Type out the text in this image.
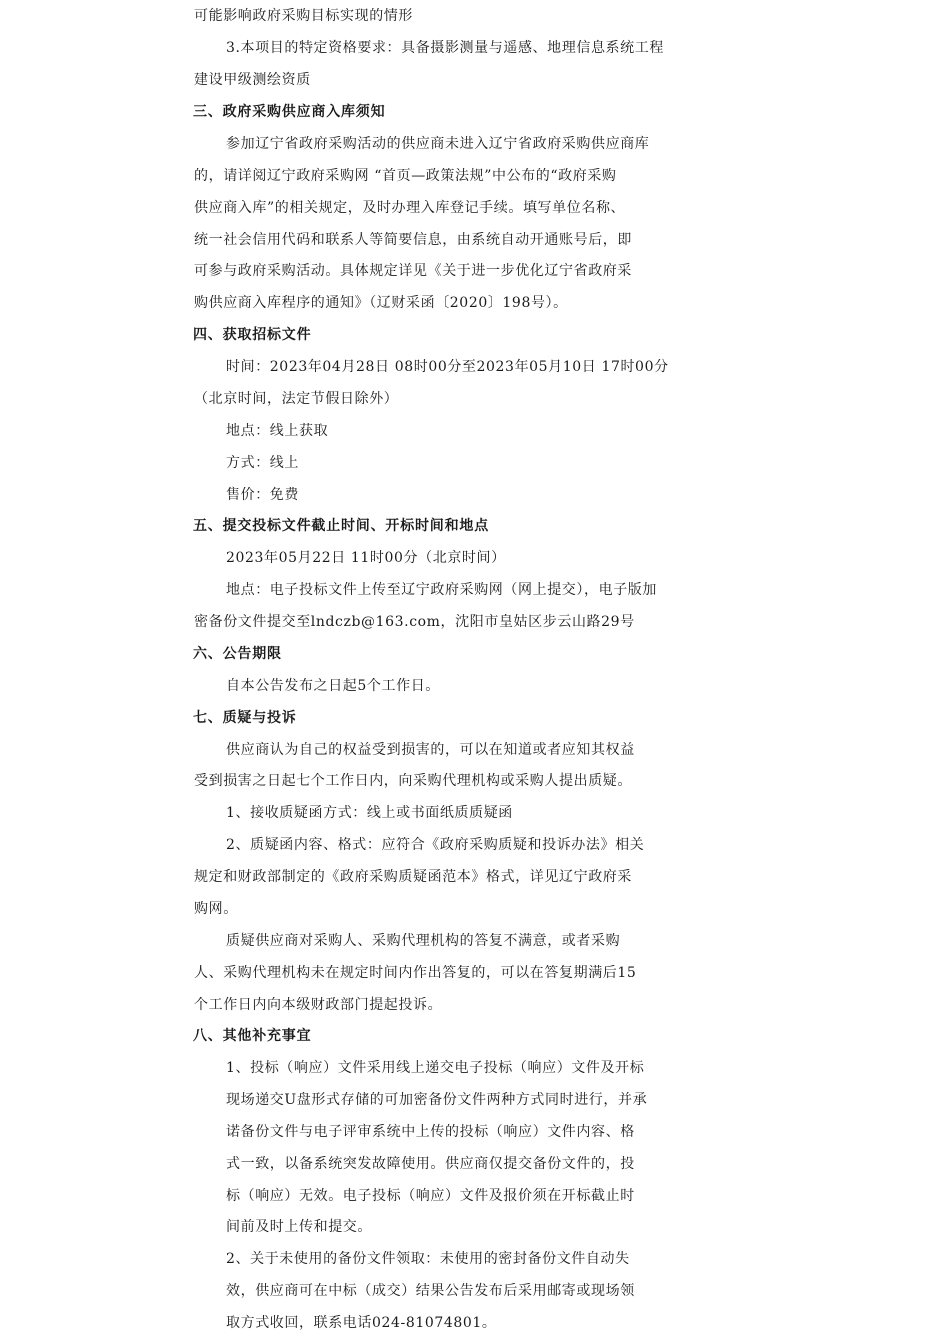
可能影响政府采购目标实现的情形
3.本项目的特定资格要求：具备摄影测量与遥感、地理信息系统工程
建设甲级测绘资质
三、政府采购供应商入库须知
参加辽宁省政府采购活动的供应商未进入辽宁省政府采购供应商库
的，请详阅辽宁政府采购网 “首页—政策法规”中公布的“政府采购
供应商入库”的相关规定，及时办理入库登记手续。填写单位名称、
统一社会信用代码和联系人等简要信息，由系统自动开通账号后，即
可参与政府采购活动。具体规定详见《关于进一步优化辽宁省政府采
购供应商入库程序的通知》（辽财采函〔2020〕198号）。
四、获取招标文件
时间：2023年04月28日 08时00分至2023年05月10日 17时00分
（北京时间，法定节假日除外）
地点：线上获取
方式：线上
售价：免费
五、提交投标文件截止时间、开标时间和地点
2023年05月22日 11时00分（北京时间）
地点：电子投标文件上传至辽宁政府采购网（网上提交），电子版加
密备份文件提交至lndczb@163.com，沈阳市皇姑区步云山路29号
六、公告期限
自本公告发布之日起5个工作日。
七、质疑与投诉
供应商认为自己的权益受到损害的，可以在知道或者应知其权益
受到损害之日起七个工作日内，向采购代理机构或采购人提出质疑。
1、接收质疑函方式：线上或书面纸质质疑函
2、质疑函内容、格式：应符合《政府采购质疑和投诉办法》相关
规定和财政部制定的《政府采购质疑函范本》格式，详见辽宁政府采
购网。
质疑供应商对采购人、采购代理机构的答复不满意，或者采购
人、采购代理机构未在规定时间内作出答复的，可以在答复期满后15
个工作日内向本级财政部门提起投诉。
八、其他补充事宜
1、投标（响应）文件采用线上递交电子投标（响应）文件及开标
现场递交U盘形式存储的可加密备份文件两种方式同时进行，并承
诺备份文件与电子评审系统中上传的投标（响应）文件内容、格
式一致，以备系统突发故障使用。供应商仅提交备份文件的，投
标（响应）无效。电子投标（响应）文件及报价须在开标截止时
间前及时上传和提交。
2、关于未使用的备份文件领取：未使用的密封备份文件自动失
效，供应商可在中标（成交）结果公告发布后采用邮寄或现场领
取方式收回，联系电话024-81074801。
